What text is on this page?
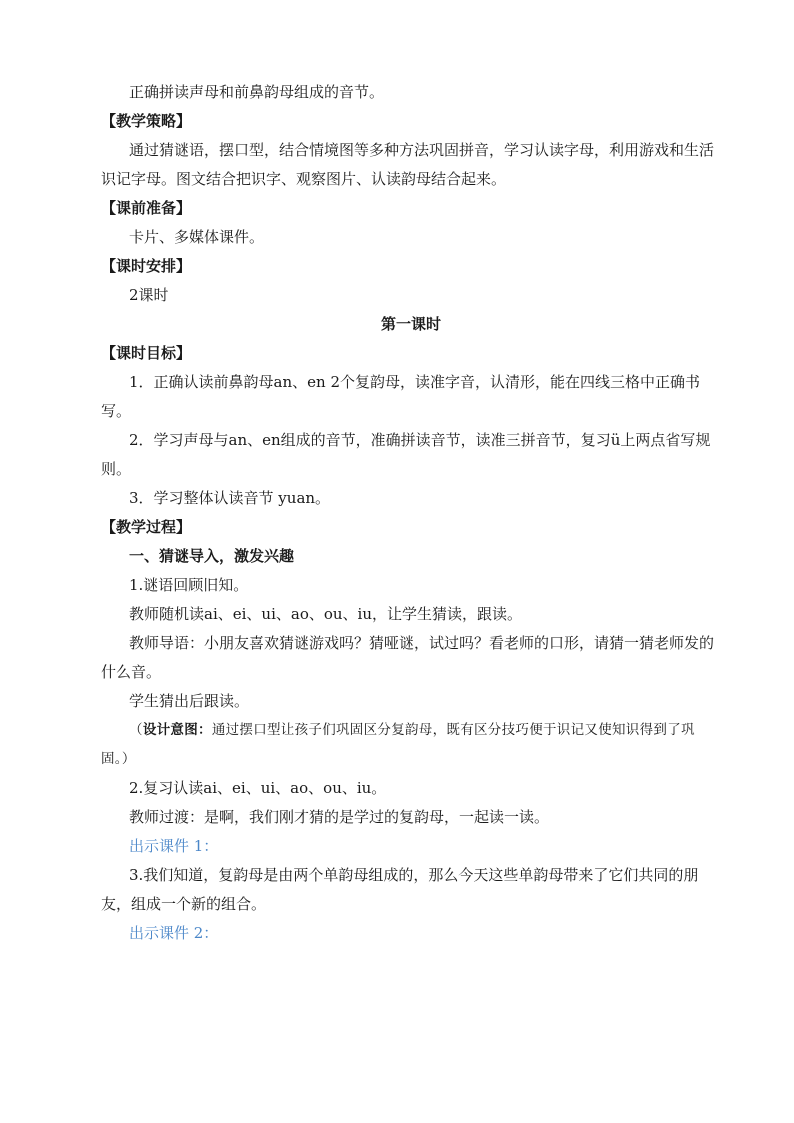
正确拼读声母和前鼻韵母组成的音节。
【教学策略】
通过猜谜语，摆口型，结合情境图等多种方法巩固拼音，学习认读字母，利用游戏和生活识记字母。图文结合把识字、观察图片、认读韵母结合起来。
【课前准备】
卡片、多媒体课件。
【课时安排】
2课时
第一课时
【课时目标】
1．正确认读前鼻韵母an、en 2个复韵母，读准字音，认清形，能在四线三格中正确书写。
2．学习声母与an、en组成的音节，准确拼读音节，读准三拼音节，复习ü上两点省写规则。
3．学习整体认读音节 yuan。
【教学过程】
一、猜谜导入，激发兴趣
1.谜语回顾旧知。
教师随机读ai、ei、ui、ao、ou、iu，让学生猜读，跟读。
教师导语：小朋友喜欢猜谜游戏吗？猜哑谜，试过吗？看老师的口形，请猜一猜老师发的什么音。
学生猜出后跟读。
（设计意图：通过摆口型让孩子们巩固区分复韵母，既有区分技巧便于识记又使知识得到了巩固。）
2.复习认读ai、ei、ui、ao、ou、iu。
教师过渡：是啊，我们刚才猜的是学过的复韵母，一起读一读。
出示课件 1：
3.我们知道，复韵母是由两个单韵母组成的，那么今天这些单韵母带来了它们共同的朋友，组成一个新的组合。
出示课件 2：
